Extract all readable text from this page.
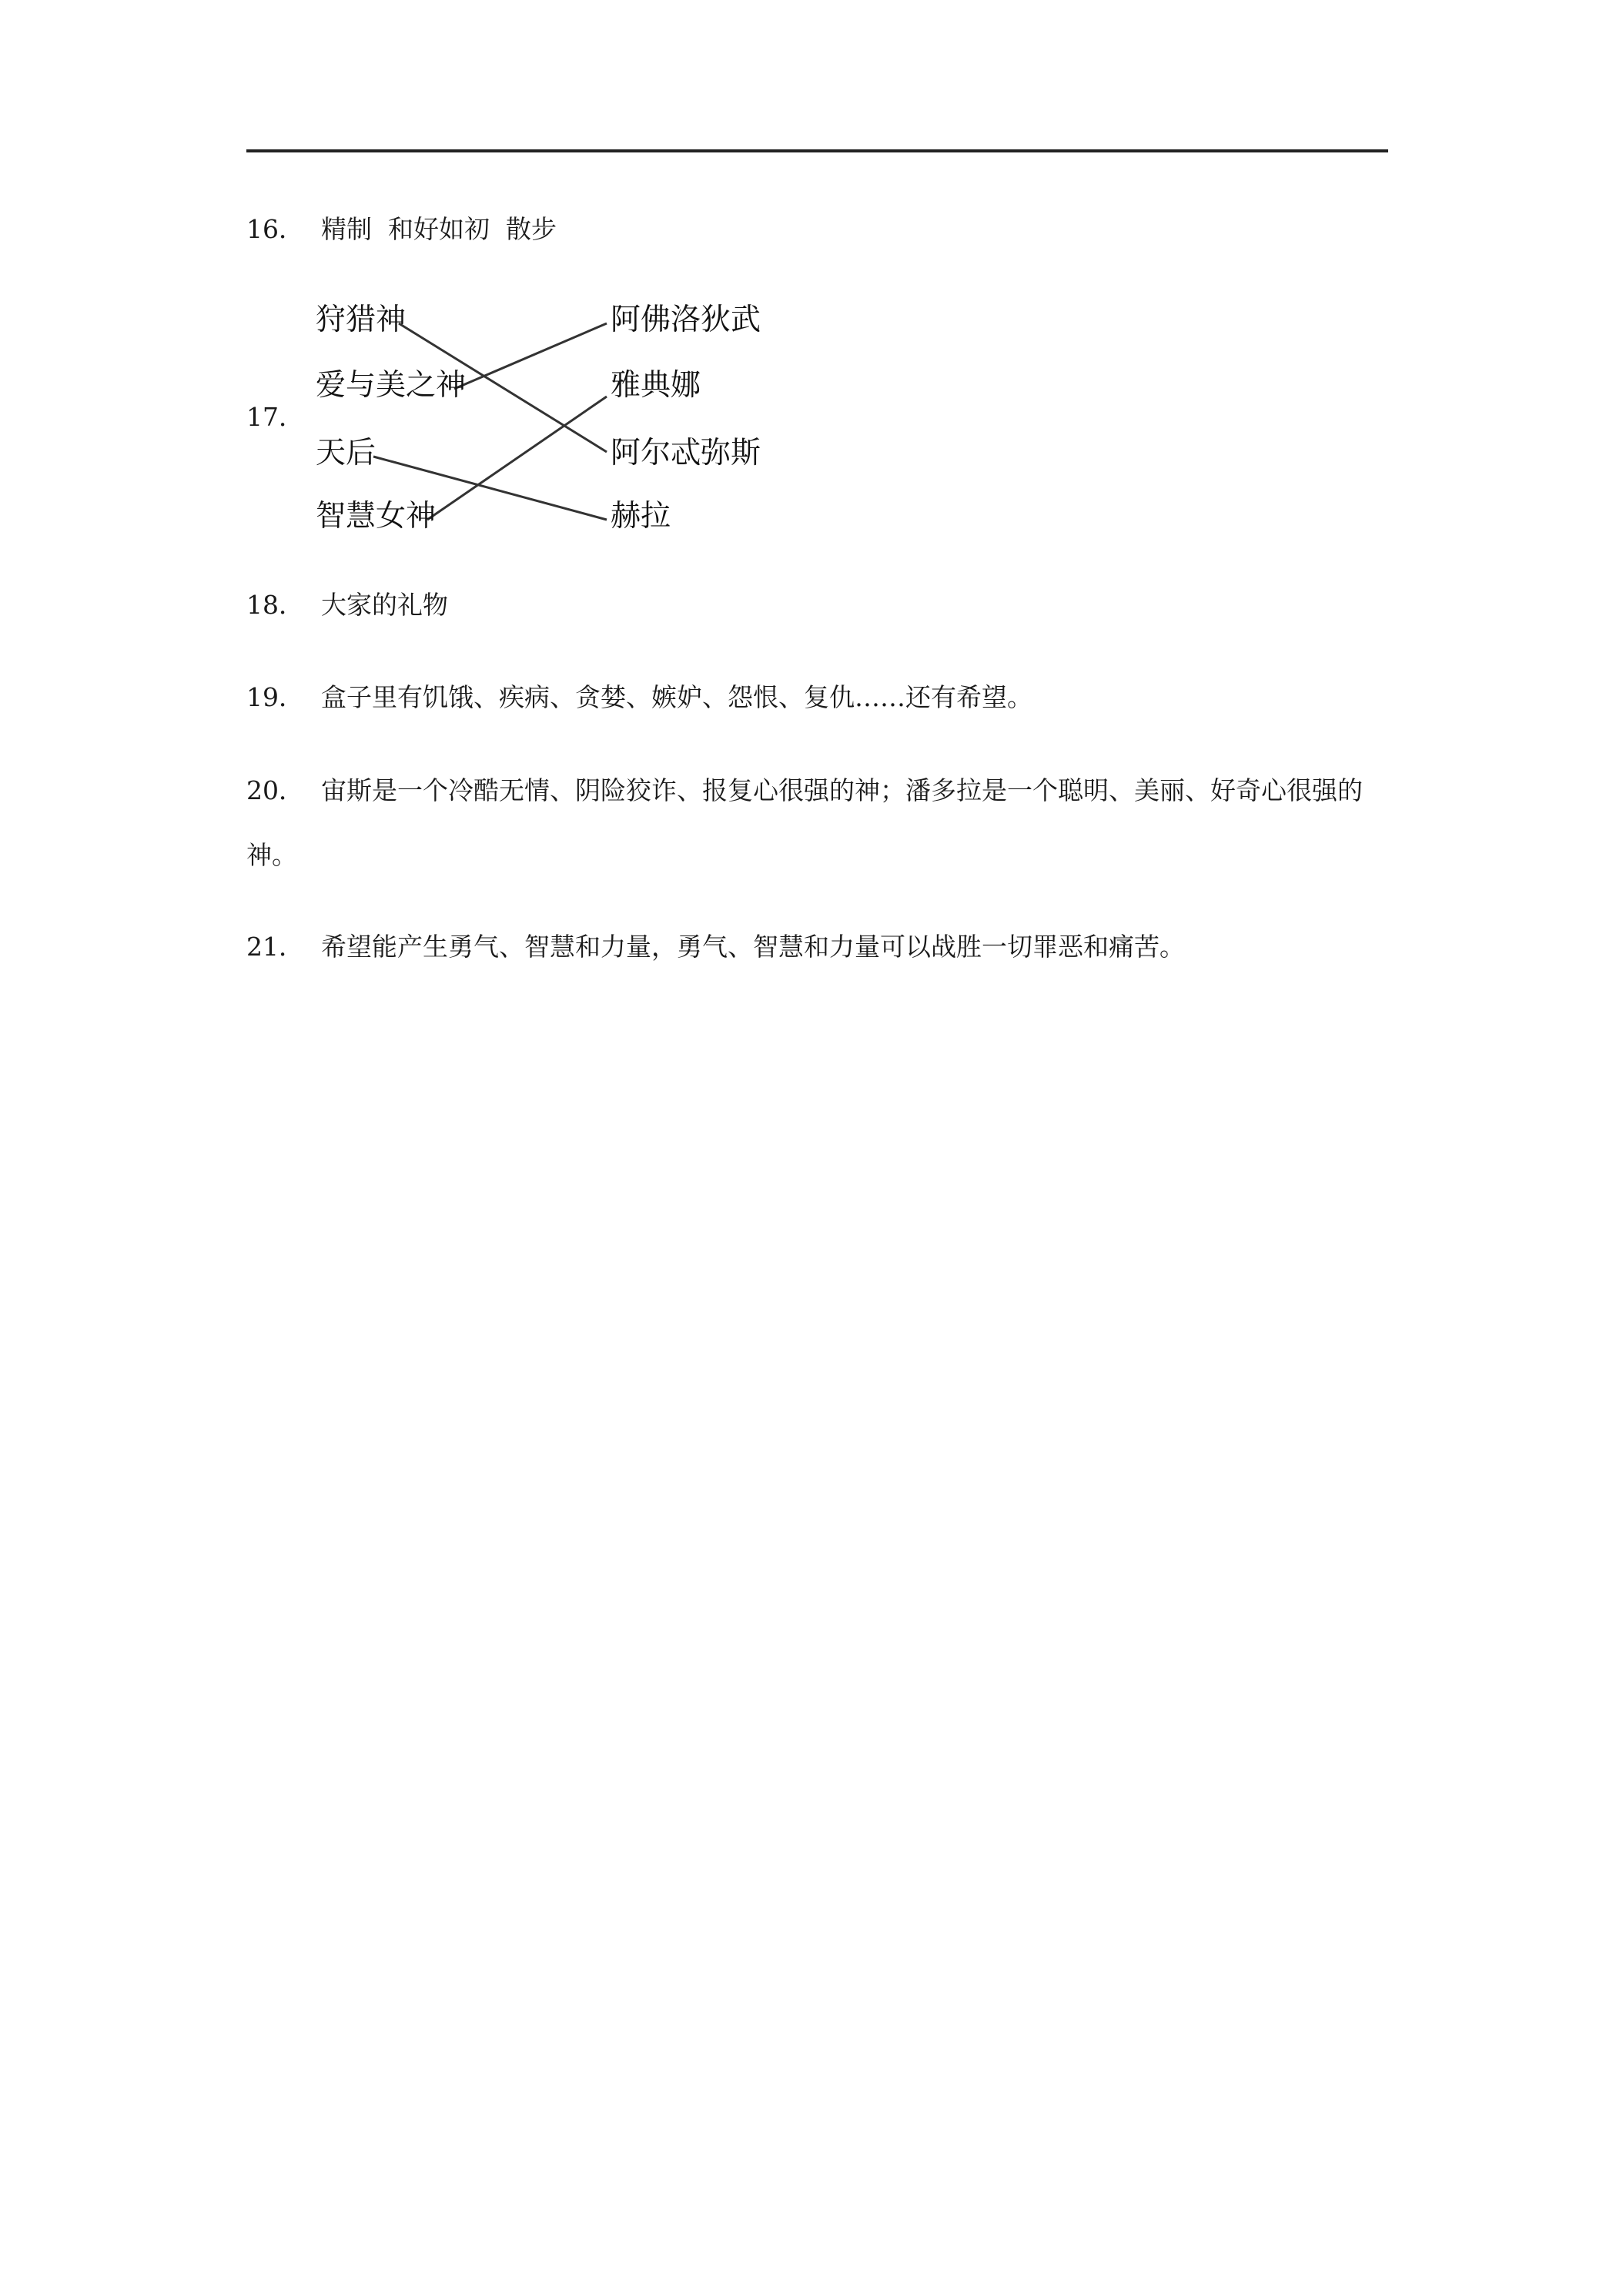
16． 精制  和好如初  散步
17．
狩猎神
爱与美之神
天后
智慧女神
阿佛洛狄武
雅典娜
阿尔忒弥斯
赫拉
18． 大家的礼物
19． 盒子里有饥饿、疾病、贪婪、嫉妒、怨恨、复仇……还有希望。
20． 宙斯是一个冷酷无情、阴险狡诈、报复心很强的神；潘多拉是一个聪明、美丽、好奇心很强的神。
21． 希望能产生勇气、智慧和力量，勇气、智慧和力量可以战胜一切罪恶和痛苦。
